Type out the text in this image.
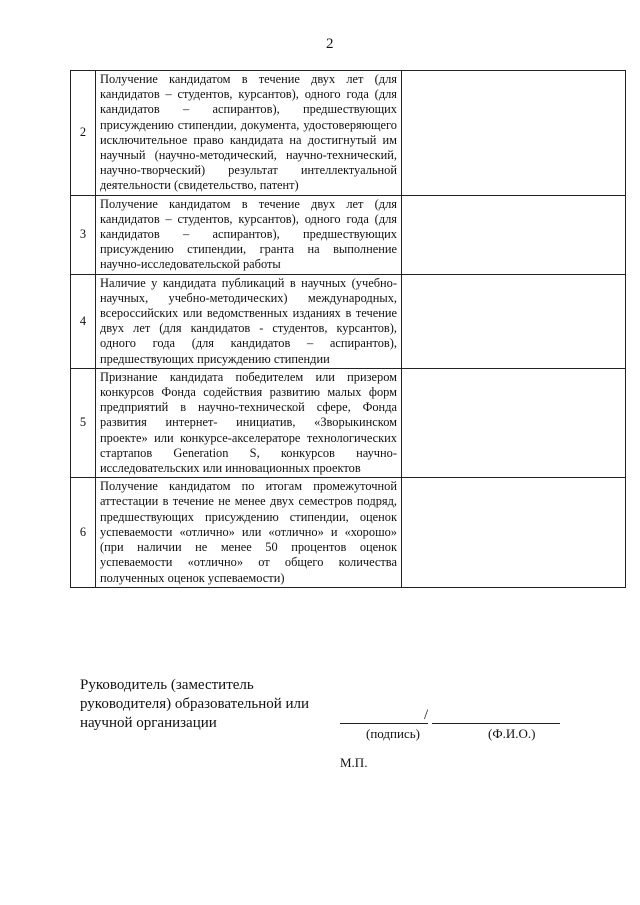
2
2	Получение кандидатом в течение двух лет (для кандидатов – студентов, курсантов), одного года (для кандидатов – аспирантов), предшествующих присуждению стипендии, документа, удостоверяющего исключительное право кандидата на достигнутый им научный (научно-методический, научно-технический, научно-творческий) результат интеллектуальной деятельности (свидетельство, патент)	
3	Получение кандидатом в течение двух лет (для кандидатов – студентов, курсантов), одного года (для кандидатов – аспирантов), предшествующих присуждению стипендии, гранта на выполнение научно-исследовательской работы	
4	Наличие у кандидата публикаций в научных (учебно-научных, учебно-методических) международных, всероссийских или ведомственных изданиях в течение двух лет (для кандидатов - студентов, курсантов), одного года (для кандидатов – аспирантов), предшествующих присуждению стипендии	
5	Признание кандидата победителем или призером конкурсов Фонда содействия развитию малых форм предприятий в научно-технической сфере, Фонда развития интернет- инициатив, «Зворыкинском проекте» или конкурсе-акселераторе технологических стартапов Generation S, конкурсов научно-исследовательских или инновационных проектов	
6	Получение кандидатом по итогам промежуточной аттестации в течение не менее двух семестров подряд, предшествующих присуждению стипендии, оценок успеваемости «отлично» или «отлично» и «хорошо» (при наличии не менее 50 процентов оценок успеваемости «отлично» от общего количества полученных оценок успеваемости)	
Руководитель (заместитель
руководителя) образовательной или
научной организации	/
(подпись)	(Ф.И.О.)
М.П.
